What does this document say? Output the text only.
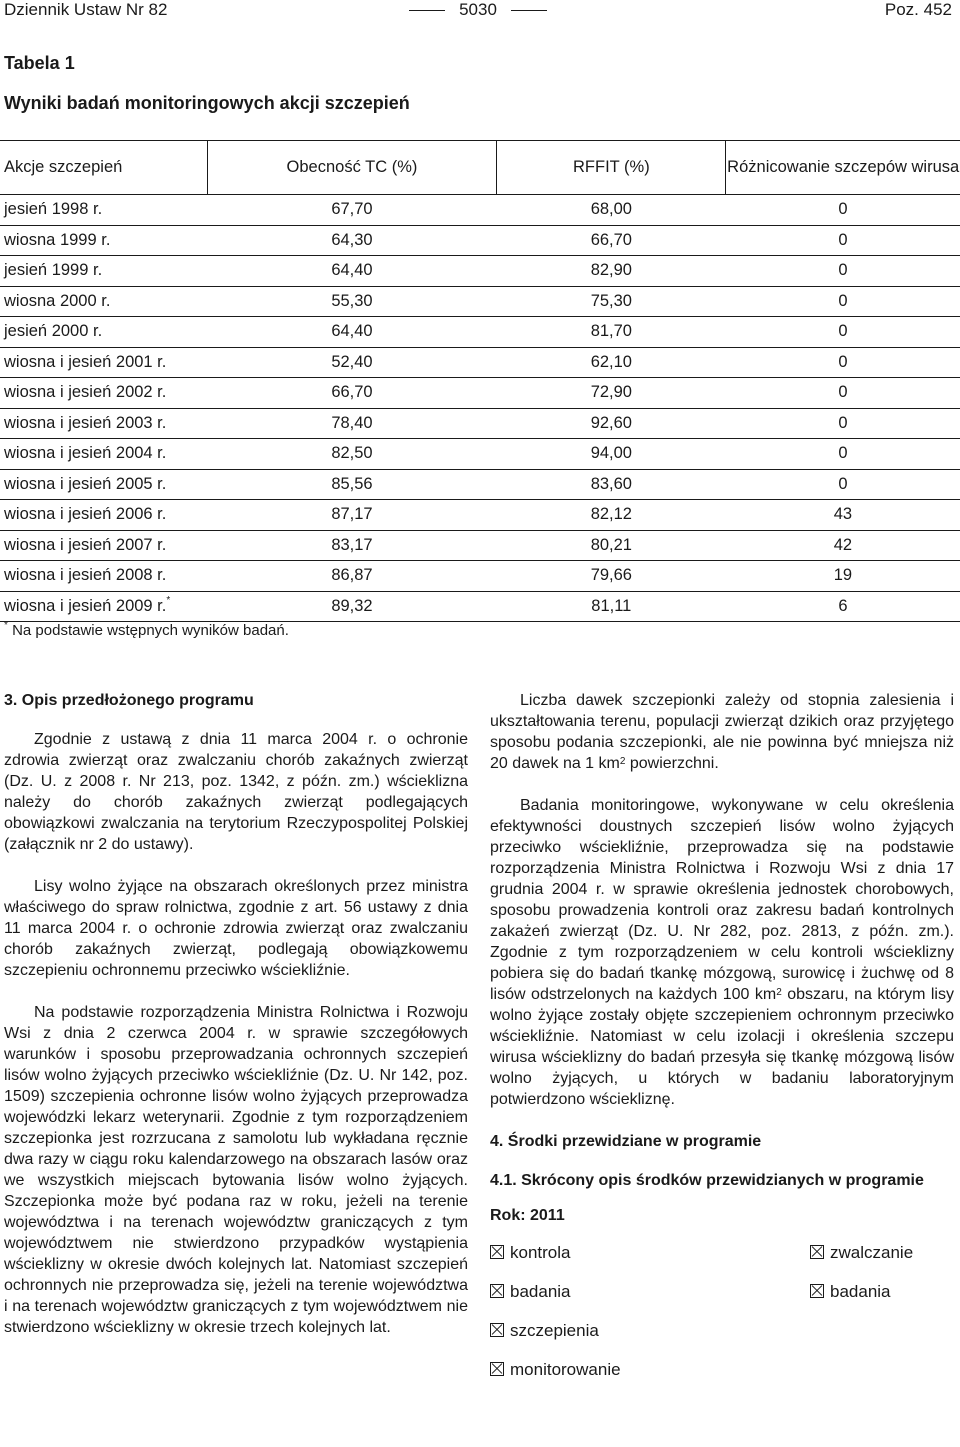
Dziennik Ustaw Nr 82	5030	Poz. 452
Tabela 1
Wyniki badań monitoringowych akcji szczepień
Akcje szczepień	Obecność TC (%)	RFFIT (%)	Różnicowanie szczepów wirusa
jesień 1998 r.	67,70	68,00	0
wiosna 1999 r.	64,30	66,70	0
jesień 1999 r.	64,40	82,90	0
wiosna 2000 r.	55,30	75,30	0
jesień 2000 r.	64,40	81,70	0
wiosna i jesień 2001 r.	52,40	62,10	0
wiosna i jesień 2002 r.	66,70	72,90	0
wiosna i jesień 2003 r.	78,40	92,60	0
wiosna i jesień 2004 r.	82,50	94,00	0
wiosna i jesień 2005 r.	85,56	83,60	0
wiosna i jesień 2006 r.	87,17	82,12	43
wiosna i jesień 2007 r.	83,17	80,21	42
wiosna i jesień 2008 r.	86,87	79,66	19
wiosna i jesień 2009 r.*	89,32	81,11	6
* Na podstawie wstępnych wyników badań.
3. Opis przedłożonego programu

Zgodnie z ustawą z dnia 11 marca 2004 r. o ochronie zdrowia zwierząt oraz zwalczaniu chorób zakaźnych zwierząt (Dz. U. z 2008 r. Nr 213, poz. 1342, z późn. zm.) wścieklizna należy do chorób zakaźnych zwierząt podlegających obowiązkowi zwalczania na terytorium Rzeczypospolitej Polskiej (załącznik nr 2 do ustawy).

Lisy wolno żyjące na obszarach określonych przez ministra właściwego do spraw rolnictwa, zgodnie z art. 56 ustawy z dnia 11 marca 2004 r. o ochronie zdrowia zwierząt oraz zwalczaniu chorób zakaźnych zwierząt, podlegają obowiązkowemu szczepieniu ochronnemu przeciwko wściekliźnie.

Na podstawie rozporządzenia Ministra Rolnictwa i Rozwoju Wsi z dnia 2 czerwca 2004 r. w sprawie szczegółowych warunków i sposobu przeprowadzania ochronnych szczepień lisów wolno żyjących przeciwko wściekliźnie (Dz. U. Nr 142, poz. 1509) szczepienia ochronne lisów wolno żyjących przeprowadza wojewódzki lekarz weterynarii. Zgodnie z tym rozporządzeniem szczepionka jest rozrzucana z samolotu lub wykładana ręcznie dwa razy w ciągu roku kalendarzowego na obszarach lasów oraz we wszystkich miejscach bytowania lisów wolno żyjących. Szczepionka może być podana raz w roku, jeżeli na terenie województwa i na terenach województw graniczących z tym województwem nie stwierdzono przypadków wystąpienia wścieklizny w okresie dwóch kolejnych lat. Natomiast szczepień ochronnych nie przeprowadza się, jeżeli na terenie województwa i na terenach województw graniczących z tym województwem nie stwierdzono wścieklizny w okresie trzech kolejnych lat.

Liczba dawek szczepionki zależy od stopnia zalesienia i ukształtowania terenu, populacji zwierząt dzikich oraz przyjętego sposobu podania szczepionki, ale nie powinna być mniejsza niż 20 dawek na 1 $km^2$ powierzchni.

Badania monitoringowe, wykonywane w celu określenia efektywności doustnych szczepień lisów wolno żyjących przeciwko wściekliźnie, przeprowadza się na podstawie rozporządzenia Ministra Rolnictwa i Rozwoju Wsi z dnia 17 grudnia 2004 r. w sprawie określenia jednostek chorobowych, sposobu prowadzenia kontroli oraz zakresu badań kontrolnych zakażeń zwierząt (Dz. U. Nr 282, poz. 2813, z późn. zm.). Zgodnie z tym rozporządzeniem w celu kontroli wścieklizny pobiera się do badań tkankę mózgową, surowicę i żuchwę od 8 lisów odstrzelonych na każdych 100 $km^2$ obszaru, na którym lisy wolno żyjące zostały objęte szczepieniem ochronnym przeciwko wściekliźnie. Natomiast w celu izolacji i określenia szczepu wirusa wścieklizny do badań przesyła się tkankę mózgową lisów wolno żyjących, u których w badaniu laboratoryjnym potwierdzono wściekliznę.

4. Środki przewidziane w programie
4.1. Skrócony opis środków przewidzianych w programie
Rok: 2011
kontrola
badania
szczepienia
monitorowanie
zwalczanie
badania
